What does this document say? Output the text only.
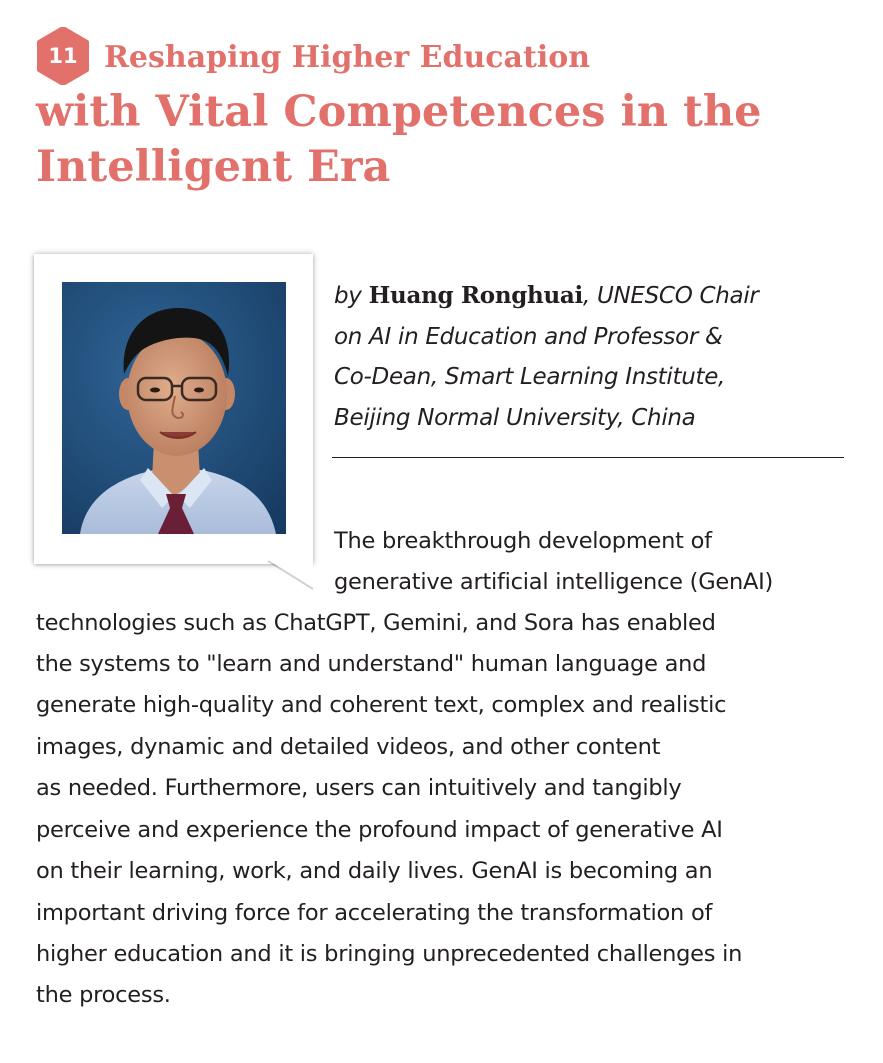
11 Reshaping Higher Education
with Vital Competences in the
Intelligent Era
by Huang Ronghuai, UNESCO Chair
on AI in Education and Professor &
Co-Dean, Smart Learning Institute,
Beijing Normal University, China
The breakthrough development of
generative artificial intelligence (GenAI)
technologies such as ChatGPT, Gemini, and Sora has enabled
the systems to "learn and understand" human language and
generate high-quality and coherent text, complex and realistic
images, dynamic and detailed videos, and other content
as needed. Furthermore, users can intuitively and tangibly
perceive and experience the profound impact of generative AI
on their learning, work, and daily lives. GenAI is becoming an
important driving force for accelerating the transformation of
higher education and it is bringing unprecedented challenges in
the process.
